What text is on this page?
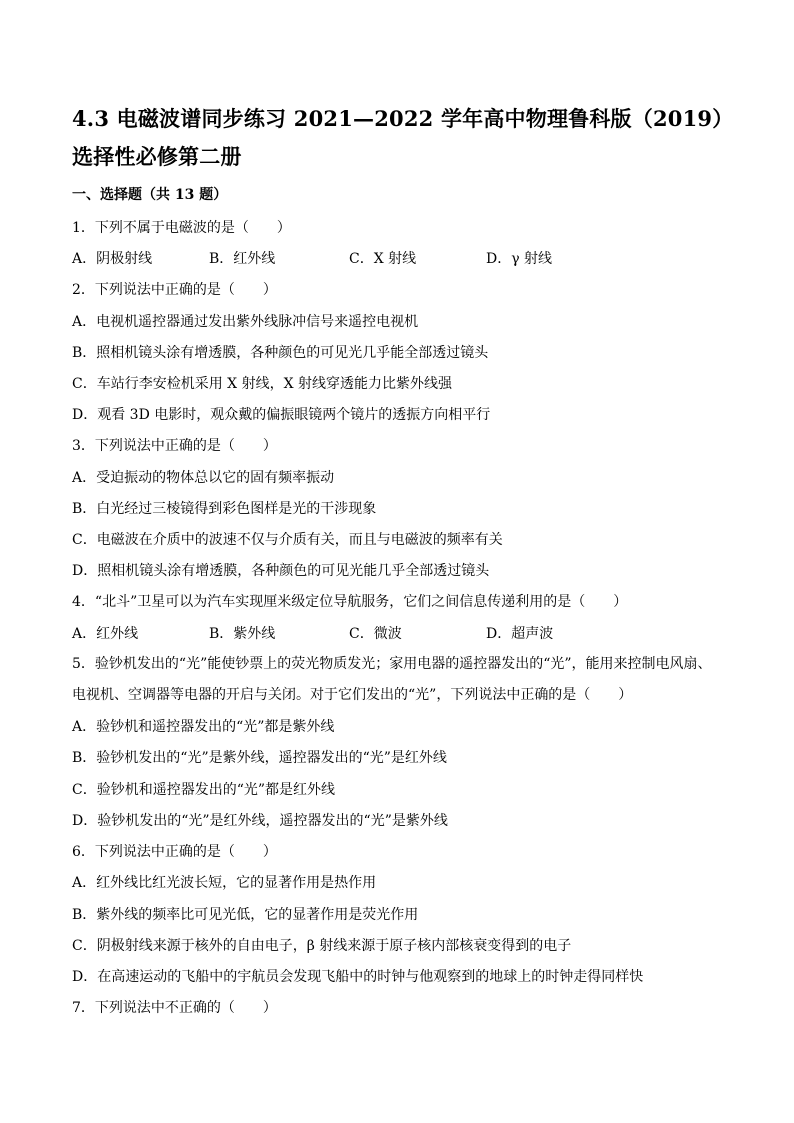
4.3 电磁波谱同步练习 2021—2022 学年高中物理鲁科版（2019）选择性必修第二册
一、选择题（共 13 题）
1．下列不属于电磁波的是（　　）
A．阴极射线	B．红外线	C．X 射线	D．γ 射线
2．下列说法中正确的是（　　）
A．电视机遥控器通过发出紫外线脉冲信号来遥控电视机
B．照相机镜头涂有增透膜，各种颜色的可见光几乎能全部透过镜头
C．车站行李安检机采用 X 射线，X 射线穿透能力比紫外线强
D．观看 3D 电影时，观众戴的偏振眼镜两个镜片的透振方向相平行
3．下列说法中正确的是（　　）
A．受迫振动的物体总以它的固有频率振动
B．白光经过三棱镜得到彩色图样是光的干涉现象
C．电磁波在介质中的波速不仅与介质有关，而且与电磁波的频率有关
D．照相机镜头涂有增透膜，各种颜色的可见光能几乎全部透过镜头
4．“北斗”卫星可以为汽车实现厘米级定位导航服务，它们之间信息传递利用的是（　　）
A．红外线	B．紫外线	C．微波	D．超声波
5．验钞机发出的“光”能使钞票上的荧光物质发光；家用电器的遥控器发出的“光”，能用来控制电风扇、电视机、空调器等电器的开启与关闭。对于它们发出的“光”，下列说法中正确的是（　　）
A．验钞机和遥控器发出的“光”都是紫外线
B．验钞机发出的“光”是紫外线，遥控器发出的“光”是红外线
C．验钞机和遥控器发出的“光”都是红外线
D．验钞机发出的“光”是红外线，遥控器发出的“光”是紫外线
6．下列说法中正确的是（　　）
A．红外线比红光波长短，它的显著作用是热作用
B．紫外线的频率比可见光低，它的显著作用是荧光作用
C．阴极射线来源于核外的自由电子，β 射线来源于原子核内部核衰变得到的电子
D．在高速运动的飞船中的宇航员会发现飞船中的时钟与他观察到的地球上的时钟走得同样快
7．下列说法中不正确的（　　）
